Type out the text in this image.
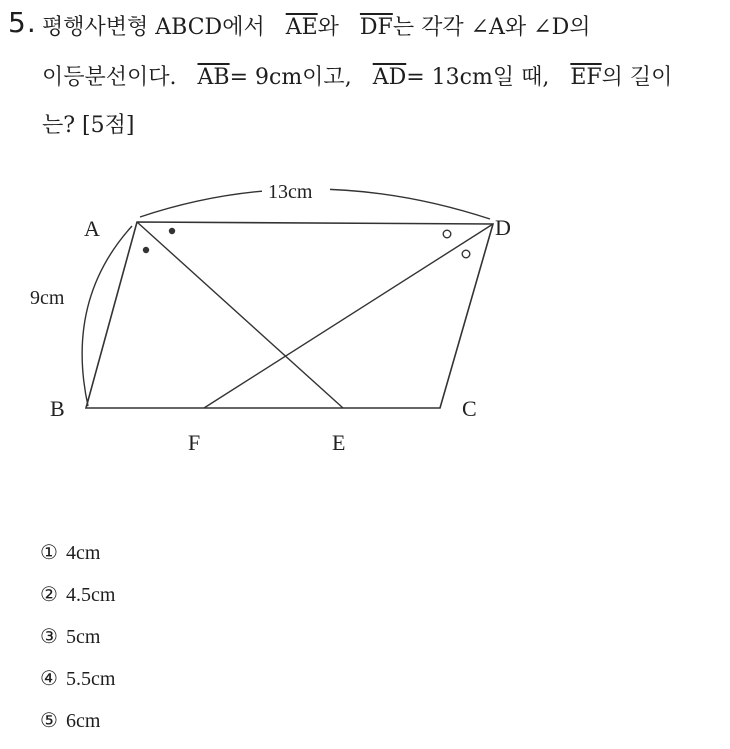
5. 평행사변형 ABCD에서 $\overline{AE}$와 $\overline{DF}$는 각각 ∠A와 ∠D의
이등분선이다. $\overline{AB}= 9cm$이고, $\overline{AD}= 13cm$일 때, $\overline{EF}$의 길이
는? [5점]
13cm
9cm
A	D
B	C
F	E
① 4cm
② 4.5cm
③ 5cm
④ 5.5cm
⑤ 6cm
